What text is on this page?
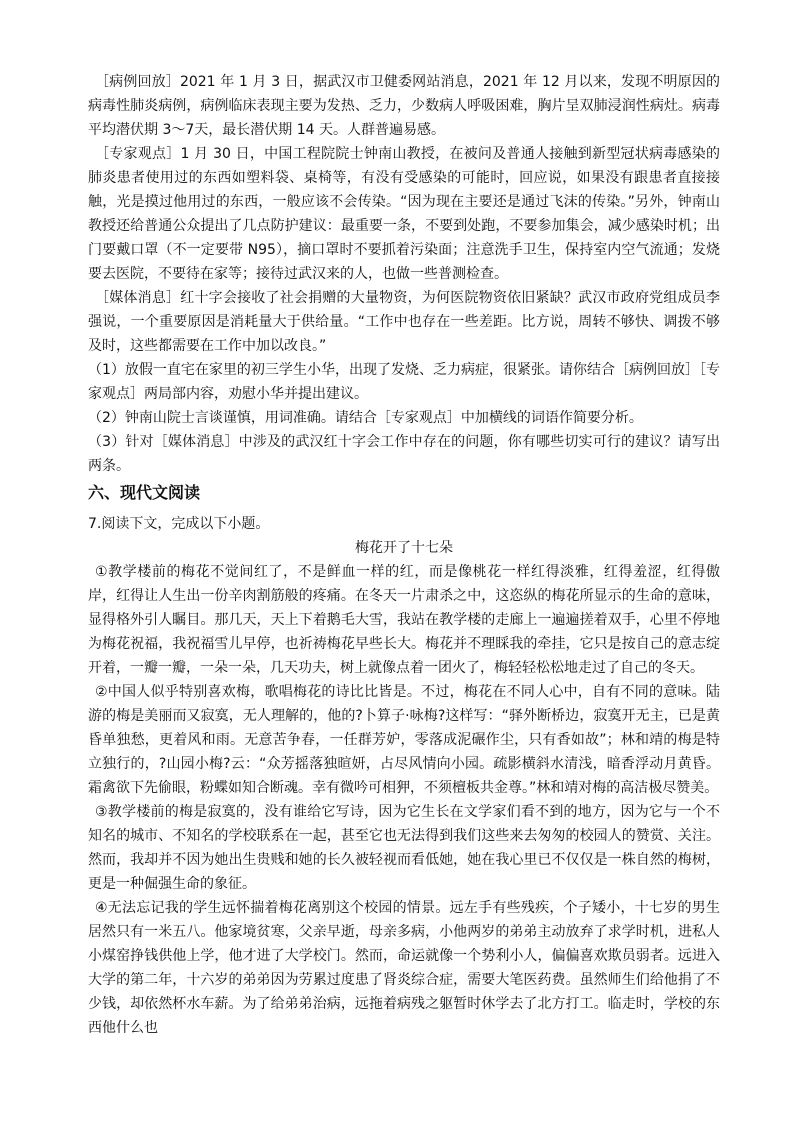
［病例回放］2021 年 1 月 3 日，据武汉市卫健委网站消息，2021 年 12 月以来，发现不明原因的病毒性肺炎病例，病例临床表现主要为发热、乏力，少数病人呼吸困难，胸片呈双肺浸润性病灶。病毒平均潜伏期 3～7天，最长潜伏期 14 天。人群普遍易感。

［专家观点］1 月 30 日，中国工程院院士钟南山教授，在被问及普通人接触到新型冠状病毒感染的肺炎患者使用过的东西如塑料袋、桌椅等，有没有受感染的可能时，回应说，如果没有跟患者直接接触，光是摸过他用过的东西，一般应该不会传染。“因为现在主要还是通过飞沫的传染。”另外，钟南山教授还给普通公众提出了几点防护建议：最重要一条，不要到处跑，不要参加集会，减少感染时机；出门要戴口罩（不一定要带 N95），摘口罩时不要抓着污染面；注意洗手卫生，保持室内空气流通；发烧要去医院，不要待在家等；接待过武汉来的人，也做一些普测检查。

［媒体消息］红十字会接收了社会捐赠的大量物资，为何医院物资依旧紧缺？武汉市政府党组成员李强说，一个重要原因是消耗量大于供给量。“工作中也存在一些差距。比方说，周转不够快、调拨不够及时，这些都需要在工作中加以改良。”

（1）放假一直宅在家里的初三学生小华，出现了发烧、乏力病症，很紧张。请你结合［病例回放］［专家观点］两局部内容，劝慰小华并提出建议。

（2）钟南山院士言谈谨慎，用词准确。请结合［专家观点］中加横线的词语作简要分析。

（3）针对［媒体消息］中涉及的武汉红十字会工作中存在的问题，你有哪些切实可行的建议？请写出两条。

六、现代文阅读

7.阅读下文，完成以下小题。

梅花开了十七朵

①教学楼前的梅花不觉间红了，不是鲜血一样的红，而是像桃花一样红得淡雅，红得羞涩，红得傲岸，红得让人生出一份辛肉割筋般的疼痛。在冬天一片肃杀之中，这恣纵的梅花所显示的生命的意味，显得格外引人瞩目。那几天，天上下着鹅毛大雪，我站在教学楼的走廊上一遍遍搓着双手，心里不停地为梅花祝福，我祝福雪儿早停，也祈祷梅花早些长大。梅花并不理睬我的牵挂，它只是按自己的意志绽开着，一瓣一瓣，一朵一朵，几天功夫，树上就像点着一团火了，梅轻轻松松地走过了自己的冬天。

②中国人似乎特别喜欢梅，歌唱梅花的诗比比皆是。不过，梅花在不同人心中，自有不同的意味。陆游的梅是美丽而又寂寞，无人理解的，他的?卜算子·咏梅?这样写：“驿外断桥边，寂寞开无主，已是黄昏单独愁，更着风和雨。无意苦争春，一任群芳妒，零落成泥碾作尘，只有香如故”；林和靖的梅是特立独行的，?山园小梅?云：“众芳摇落独暄妍，占尽风情向小园。疏影横斜水清浅，暗香浮动月黄昏。霜禽欲下先偷眼，粉蝶如知合断魂。幸有微吟可相狎，不须檀板共金尊。”林和靖对梅的高洁极尽赞美。

③教学楼前的梅是寂寞的，没有谁给它写诗，因为它生长在文学家们看不到的地方，因为它与一个不知名的城市、不知名的学校联系在一起，甚至它也无法得到我们这些来去匆匆的校园人的赞赏、关注。然而，我却并不因为她出生贵贱和她的长久被轻视而看低她，她在我心里已不仅仅是一株自然的梅树，更是一种倔强生命的象征。

④无法忘记我的学生远怀揣着梅花离别这个校园的情景。远左手有些残疾，个子矮小，十七岁的男生居然只有一米五八。他家境贫寒，父亲早逝，母亲多病，小他两岁的弟弟主动放弃了求学时机，进私人小煤窑挣钱供他上学，他才进了大学校门。然而，命运就像一个势利小人，偏偏喜欢欺员弱者。远进入大学的第二年，十六岁的弟弟因为劳累过度患了肾炎综合症，需要大笔医药费。虽然师生们给他捐了不少钱，却依然杯水车薪。为了给弟弟治病，远拖着病残之躯暂时休学去了北方打工。临走时，学校的东西他什么也
